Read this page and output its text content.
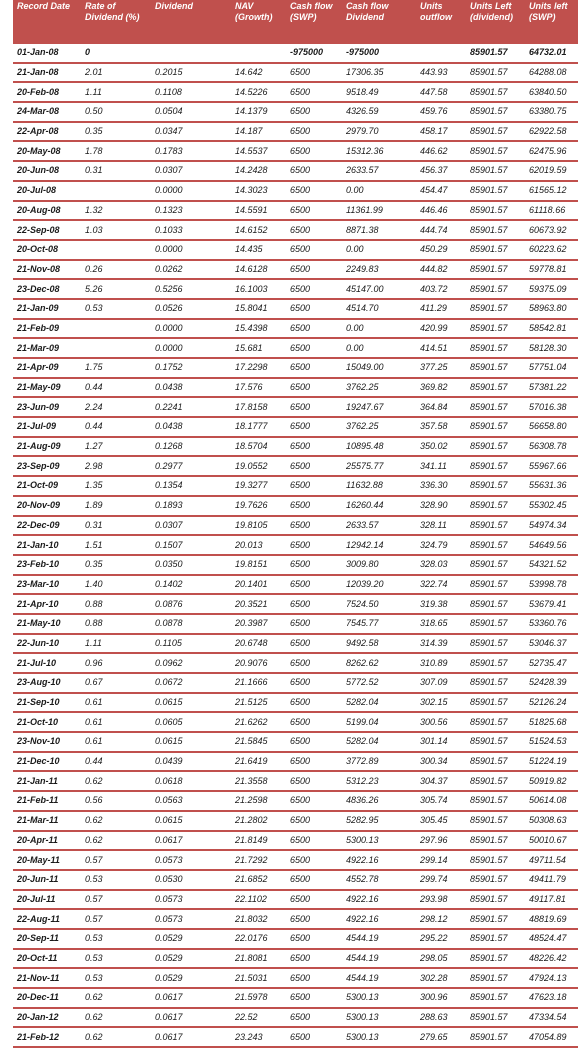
Record Date	Rate of Dividend (%)	Dividend	NAV (Growth)	Cash flow (SWP)	Cash flow Dividend	Units outflow	Units Left (dividend)	Units left (SWP)
01-Jan-08	0			-975000	-975000		85901.57	64732.01
21-Jan-08	2.01	0.2015	14.642	6500	17306.35	443.93	85901.57	64288.08
20-Feb-08	1.11	0.1108	14.5226	6500	9518.49	447.58	85901.57	63840.50
24-Mar-08	0.50	0.0504	14.1379	6500	4326.59	459.76	85901.57	63380.75
22-Apr-08	0.35	0.0347	14.187	6500	2979.70	458.17	85901.57	62922.58
20-May-08	1.78	0.1783	14.5537	6500	15312.36	446.62	85901.57	62475.96
20-Jun-08	0.31	0.0307	14.2428	6500	2633.57	456.37	85901.57	62019.59
20-Jul-08		0.0000	14.3023	6500	0.00	454.47	85901.57	61565.12
20-Aug-08	1.32	0.1323	14.5591	6500	11361.99	446.46	85901.57	61118.66
22-Sep-08	1.03	0.1033	14.6152	6500	8871.38	444.74	85901.57	60673.92
20-Oct-08		0.0000	14.435	6500	0.00	450.29	85901.57	60223.62
21-Nov-08	0.26	0.0262	14.6128	6500	2249.83	444.82	85901.57	59778.81
23-Dec-08	5.26	0.5256	16.1003	6500	45147.00	403.72	85901.57	59375.09
21-Jan-09	0.53	0.0526	15.8041	6500	4514.70	411.29	85901.57	58963.80
21-Feb-09		0.0000	15.4398	6500	0.00	420.99	85901.57	58542.81
21-Mar-09		0.0000	15.681	6500	0.00	414.51	85901.57	58128.30
21-Apr-09	1.75	0.1752	17.2298	6500	15049.00	377.25	85901.57	57751.04
21-May-09	0.44	0.0438	17.576	6500	3762.25	369.82	85901.57	57381.22
23-Jun-09	2.24	0.2241	17.8158	6500	19247.67	364.84	85901.57	57016.38
21-Jul-09	0.44	0.0438	18.1777	6500	3762.25	357.58	85901.57	56658.80
21-Aug-09	1.27	0.1268	18.5704	6500	10895.48	350.02	85901.57	56308.78
23-Sep-09	2.98	0.2977	19.0552	6500	25575.77	341.11	85901.57	55967.66
21-Oct-09	1.35	0.1354	19.3277	6500	11632.88	336.30	85901.57	55631.36
20-Nov-09	1.89	0.1893	19.7626	6500	16260.44	328.90	85901.57	55302.45
22-Dec-09	0.31	0.0307	19.8105	6500	2633.57	328.11	85901.57	54974.34
21-Jan-10	1.51	0.1507	20.013	6500	12942.14	324.79	85901.57	54649.56
23-Feb-10	0.35	0.0350	19.8151	6500	3009.80	328.03	85901.57	54321.52
23-Mar-10	1.40	0.1402	20.1401	6500	12039.20	322.74	85901.57	53998.78
21-Apr-10	0.88	0.0876	20.3521	6500	7524.50	319.38	85901.57	53679.41
21-May-10	0.88	0.0878	20.3987	6500	7545.77	318.65	85901.57	53360.76
22-Jun-10	1.11	0.1105	20.6748	6500	9492.58	314.39	85901.57	53046.37
21-Jul-10	0.96	0.0962	20.9076	6500	8262.62	310.89	85901.57	52735.47
23-Aug-10	0.67	0.0672	21.1666	6500	5772.52	307.09	85901.57	52428.39
21-Sep-10	0.61	0.0615	21.5125	6500	5282.04	302.15	85901.57	52126.24
21-Oct-10	0.61	0.0605	21.6262	6500	5199.04	300.56	85901.57	51825.68
23-Nov-10	0.61	0.0615	21.5845	6500	5282.04	301.14	85901.57	51524.53
21-Dec-10	0.44	0.0439	21.6419	6500	3772.89	300.34	85901.57	51224.19
21-Jan-11	0.62	0.0618	21.3558	6500	5312.23	304.37	85901.57	50919.82
21-Feb-11	0.56	0.0563	21.2598	6500	4836.26	305.74	85901.57	50614.08
21-Mar-11	0.62	0.0615	21.2802	6500	5282.95	305.45	85901.57	50308.63
20-Apr-11	0.62	0.0617	21.8149	6500	5300.13	297.96	85901.57	50010.67
20-May-11	0.57	0.0573	21.7292	6500	4922.16	299.14	85901.57	49711.54
20-Jun-11	0.53	0.0530	21.6852	6500	4552.78	299.74	85901.57	49411.79
20-Jul-11	0.57	0.0573	22.1102	6500	4922.16	293.98	85901.57	49117.81
22-Aug-11	0.57	0.0573	21.8032	6500	4922.16	298.12	85901.57	48819.69
20-Sep-11	0.53	0.0529	22.0176	6500	4544.19	295.22	85901.57	48524.47
20-Oct-11	0.53	0.0529	21.8081	6500	4544.19	298.05	85901.57	48226.42
21-Nov-11	0.53	0.0529	21.5031	6500	4544.19	302.28	85901.57	47924.13
20-Dec-11	0.62	0.0617	21.5978	6500	5300.13	300.96	85901.57	47623.18
20-Jan-12	0.62	0.0617	22.52	6500	5300.13	288.63	85901.57	47334.54
21-Feb-12	0.62	0.0617	23.243	6500	5300.13	279.65	85901.57	47054.89
